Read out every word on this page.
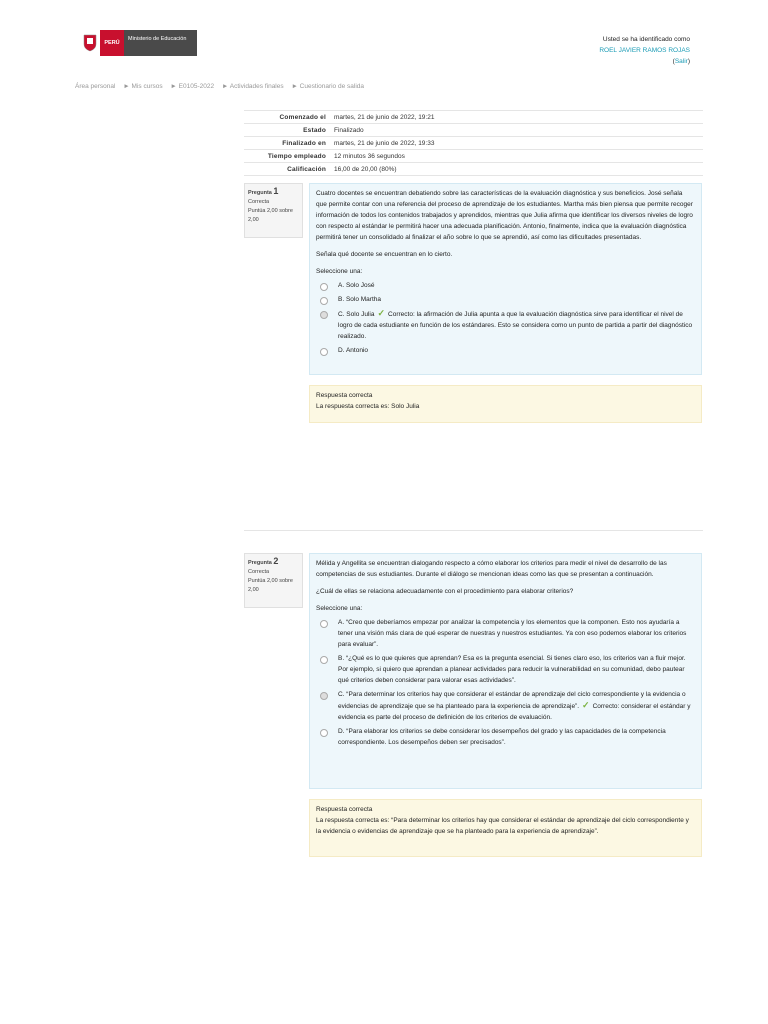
PERÚ
Ministerio de Educación	Usted se ha identificado como
ROEL JAVIER RAMOS ROJAS
(Salir)
Área personal ► Mis cursos ► E0105-2022 ► Actividades finales ► Cuestionario de salida
Comenzado el	martes, 21 de junio de 2022, 19:21
Estado	Finalizado
Finalizado en	martes, 21 de junio de 2022, 19:33
Tiempo empleado	12 minutos 36 segundos
Calificación	16,00 de 20,00 (80%)
Pregunta 1
Correcta
Puntúa 2,00 sobre 2,00

Cuatro docentes se encuentran debatiendo sobre las características de la evaluación diagnóstica y sus beneficios. José señala que permite contar con una referencia del proceso de aprendizaje de los estudiantes. Martha más bien piensa que permite recoger información de todos los contenidos trabajados y aprendidos, mientras que Julia afirma que identificar los diversos niveles de logro con respecto al estándar le permitirá hacer una adecuada planificación. Antonio, finalmente, indica que la evaluación diagnóstica permitirá tener un consolidado al finalizar el año sobre lo que se aprendió, así como las dificultades presentadas.

Señala qué docente se encuentran en lo cierto.

Seleccione una:
A. Solo José
B. Solo Martha
C. Solo Julia ✓ Correcto: la afirmación de Julia apunta a que la evaluación diagnóstica sirve para identificar el nivel de logro de cada estudiante en función de los estándares. Esto se considera como un punto de partida a partir del diagnóstico realizado.
D. Antonio
Respuesta correcta
La respuesta correcta es: Solo Julia
Pregunta 2
Correcta
Puntúa 2,00 sobre 2,00

Mélida y Angellita se encuentran dialogando respecto a cómo elaborar los criterios para medir el nivel de desarrollo de las competencias de sus estudiantes. Durante el diálogo se mencionan ideas como las que se presentan a continuación.

¿Cuál de ellas se relaciona adecuadamente con el procedimiento para elaborar criterios?

Seleccione una:
A. “Creo que deberíamos empezar por analizar la competencia y los elementos que la componen. Esto nos ayudaría a tener una visión más clara de qué esperar de nuestras y nuestros estudiantes. Ya con eso podemos elaborar los criterios para evaluar”.
B. “¿Qué es lo que quieres que aprendan? Esa es la pregunta esencial. Si tienes claro eso, los criterios van a fluir mejor. Por ejemplo, si quiero que aprendan a planear actividades para reducir la vulnerabilidad en su comunidad, debo pautear qué criterios deben considerar para valorar esas actividades”.
C. “Para determinar los criterios hay que considerar el estándar de aprendizaje del ciclo correspondiente y la evidencia o evidencias de aprendizaje que se ha planteado para la experiencia de aprendizaje”. ✓ Correcto: considerar el estándar y evidencia es parte del proceso de definición de los criterios de evaluación.
D. “Para elaborar los criterios se debe considerar los desempeños del grado y las capacidades de la competencia correspondiente. Los desempeños deben ser precisados”.
Respuesta correcta
La respuesta correcta es: “Para determinar los criterios hay que considerar el estándar de aprendizaje del ciclo correspondiente y la evidencia o evidencias de aprendizaje que se ha planteado para la experiencia de aprendizaje”.
